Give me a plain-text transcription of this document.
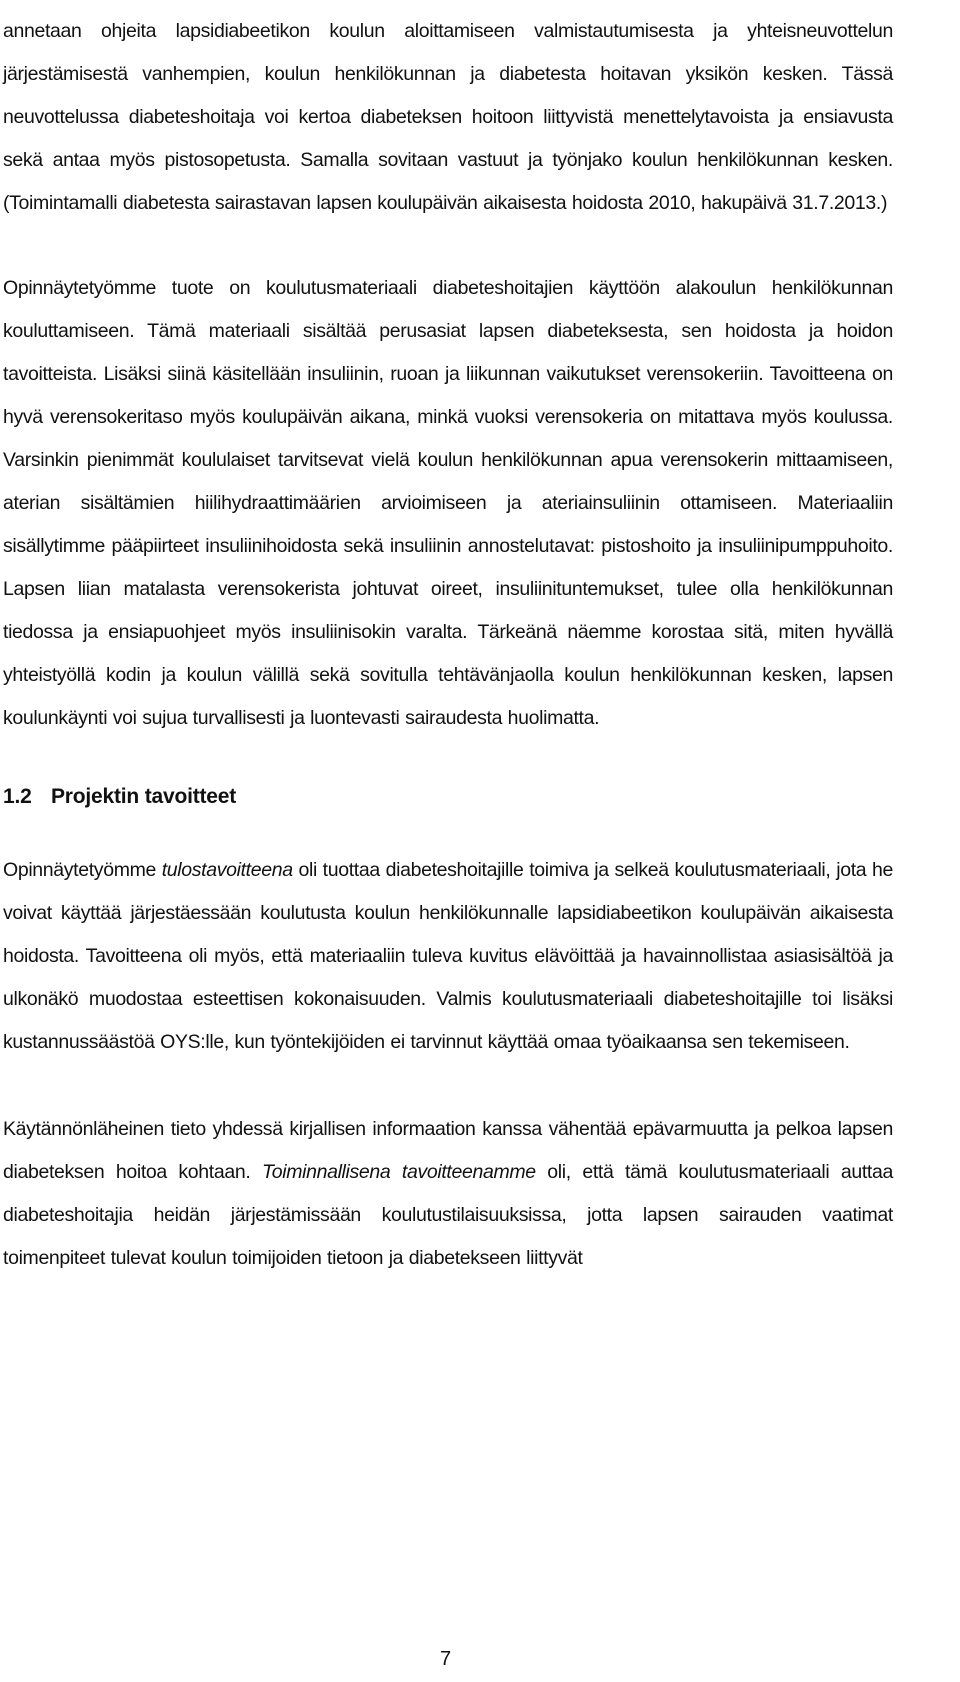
annetaan ohjeita lapsidiabeetikon koulun aloittamiseen valmistautumisesta ja yhteisneuvottelun järjestämisestä vanhempien, koulun henkilökunnan ja diabetesta hoitavan yksikön kesken. Tässä neuvottelussa diabeteshoitaja voi kertoa diabeteksen hoitoon liittyvistä menettelytavoista ja ensiavusta sekä antaa myös pistosopetusta. Samalla sovitaan vastuut ja työnjako koulun henkilökunnan kesken. (Toimintamalli diabetesta sairastavan lapsen koulupäivän aikaisesta hoidosta 2010, hakupäivä 31.7.2013.)

Opinnäytetyömme tuote on koulutusmateriaali diabeteshoitajien käyttöön alakoulun henkilökunnan kouluttamiseen. Tämä materiaali sisältää perusasiat lapsen diabeteksesta, sen hoidosta ja hoidon tavoitteista. Lisäksi siinä käsitellään insuliinin, ruoan ja liikunnan vaikutukset verensokeriin. Tavoitteena on hyvä verensokeritaso myös koulupäivän aikana, minkä vuoksi verensokeria on mitattava myös koulussa. Varsinkin pienimmät koululaiset tarvitsevat vielä koulun henkilökunnan apua verensokerin mittaamiseen, aterian sisältämien hiilihydraattimäärien arvioimiseen ja ateriainsuliinin ottamiseen. Materiaaliin sisällytimme pääpiirteet insuliinihoidosta sekä insuliinin annostelutavat: pistoshoito ja insuliinipumppuhoito. Lapsen liian matalasta verensokerista johtuvat oireet, insuliinituntemukset, tulee olla henkilökunnan tiedossa ja ensiapuohjeet myös insuliinisokin varalta. Tärkeänä näemme korostaa sitä, miten hyvällä yhteistyöllä kodin ja koulun välillä sekä sovitulla tehtävänjaolla koulun henkilökunnan kesken, lapsen koulunkäynti voi sujua turvallisesti ja luontevasti sairaudesta huolimatta.

1.2 Projektin tavoitteet

Opinnäytetyömme tulostavoitteena oli tuottaa diabeteshoitajille toimiva ja selkeä koulutusmateriaali, jota he voivat käyttää järjestäessään koulutusta koulun henkilökunnalle lapsidiabeetikon koulupäivän aikaisesta hoidosta. Tavoitteena oli myös, että materiaaliin tuleva kuvitus elävöittää ja havainnollistaa asiasisältöä ja ulkonäkö muodostaa esteettisen kokonaisuuden. Valmis koulutusmateriaali diabeteshoitajille toi lisäksi kustannussäästöä OYS:lle, kun työntekijöiden ei tarvinnut käyttää omaa työaikaansa sen tekemiseen.

Käytännönläheinen tieto yhdessä kirjallisen informaation kanssa vähentää epävarmuutta ja pelkoa lapsen diabeteksen hoitoa kohtaan. Toiminnallisena tavoitteenamme oli, että tämä koulutusmateriaali auttaa diabeteshoitajia heidän järjestämissään koulutustilaisuuksissa, jotta lapsen sairauden vaatimat toimenpiteet tulevat koulun toimijoiden tietoon ja diabetekseen liittyvät

7
